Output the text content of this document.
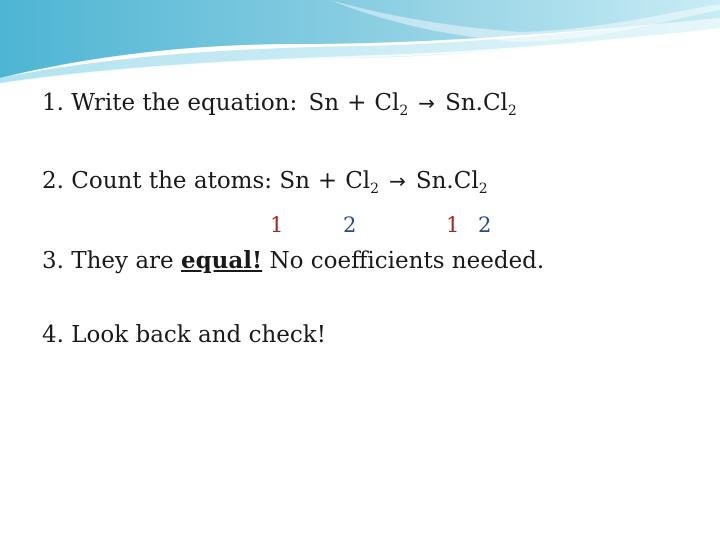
1. Write the equation: $Sn + Cl_2 \to Sn.Cl_2$
2. Count the atoms: $Sn + Cl_2 \to Sn.Cl_2$
1	2	1 2
3. They are equal! No coefficients needed.
4. Look back and check!
